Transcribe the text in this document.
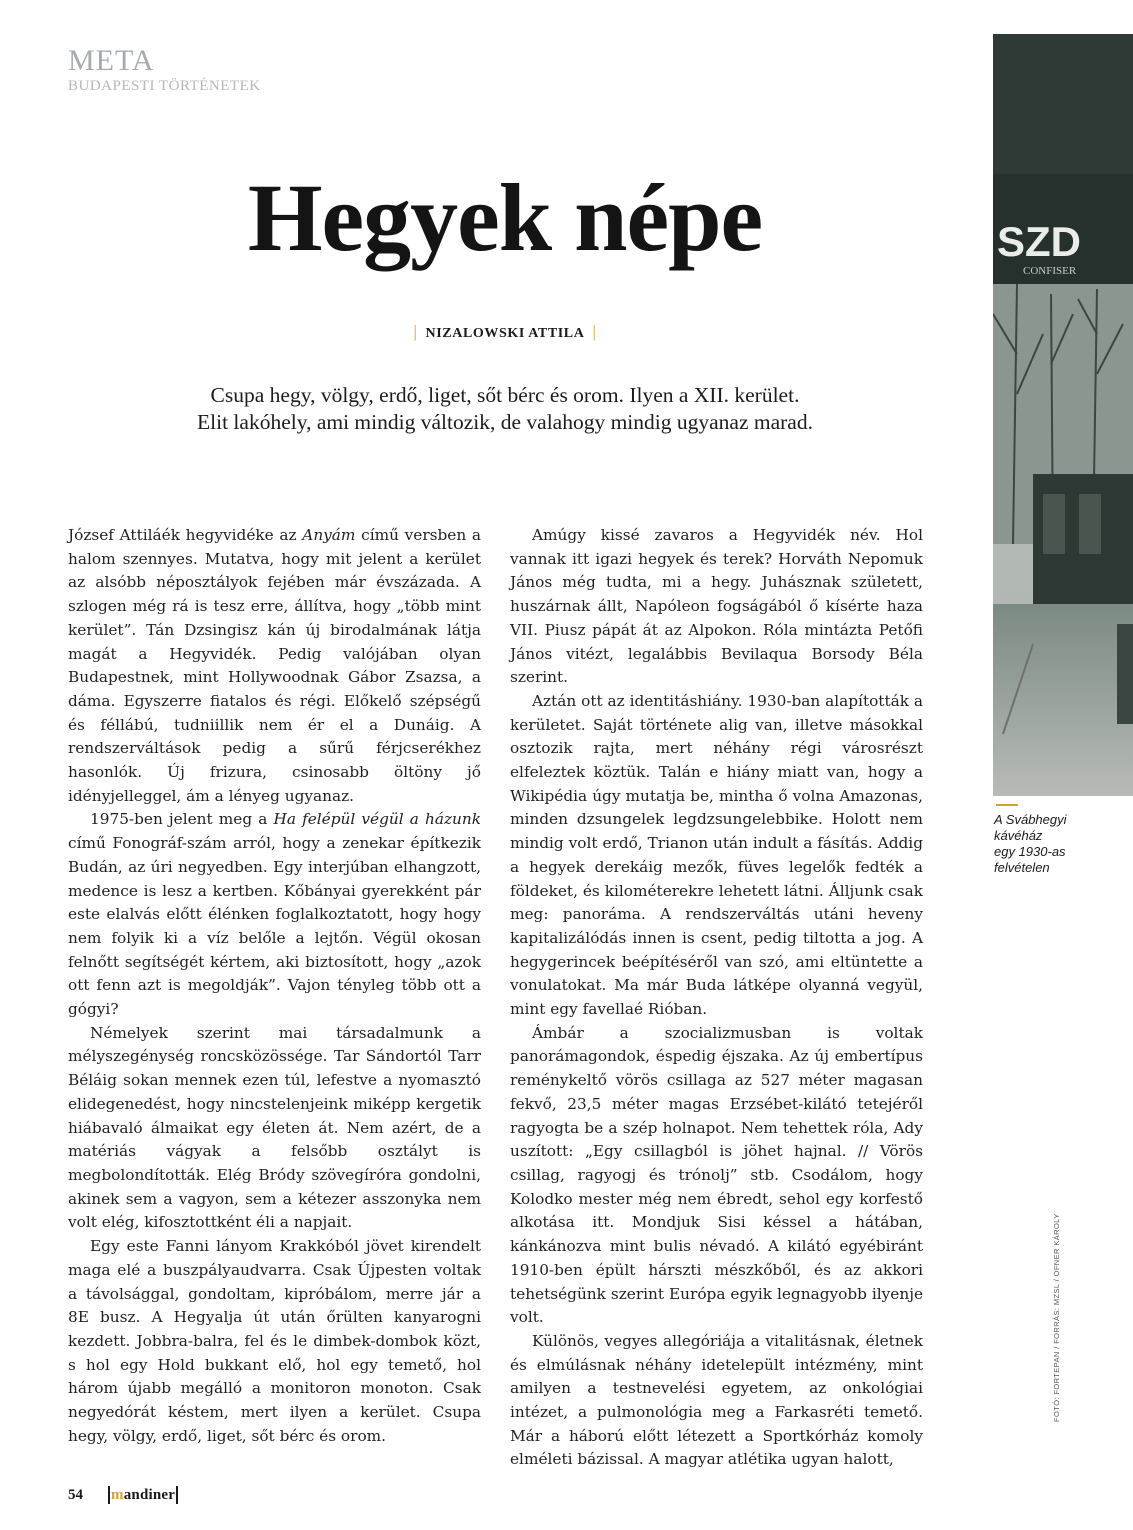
META
BUDAPESTI TÖRTÉNETEK
Hegyek népe
| NIZALOWSKI ATTILA |
Csupa hegy, völgy, erdő, liget, sőt bérc és orom. Ilyen a XII. kerület.
Elit lakóhely, ami mindig változik, de valahogy mindig ugyanaz marad.

József Attiláék hegyvidéke az Anyám című versben a halom szennyes. Mutatva, hogy mit jelent a kerület az alsóbb néposztályok fejében már évszázada. A szlogen még rá is tesz erre, állítva, hogy „több mint kerület”. Tán Dzsingisz kán új birodalmának látja magát a Hegyvidék. Pedig valójában olyan Budapestnek, mint Hollywoodnak Gábor Zsazsa, a dáma. Egyszerre fiatalos és régi. Előkelő szépségű és féllábú, tudniillik nem ér el a Dunáig. A rendszerváltások pedig a sűrű férjcserékhez hasonlók. Új frizura, csinosabb öltöny jő idényjelleggel, ám a lényeg ugyanaz.

1975-ben jelent meg a Ha felépül végül a házunk című Fonográf-szám arról, hogy a zenekar építkezik Budán, az úri negyedben. Egy interjúban elhangzott, medence is lesz a kertben. Kőbányai gyerekként pár este elalvás előtt élénken foglalkoztatott, hogy hogy nem folyik ki a víz belőle a lejtőn. Végül okosan felnőtt segítségét kértem, aki biztosított, hogy „azok ott fenn azt is megoldják”. Vajon tényleg több ott a gógyi?

Némelyek szerint mai társadalmunk a mélyszegénység roncsközössége. Tar Sándortól Tarr Béláig sokan mennek ezen túl, lefestve a nyomasztó elidegenedést, hogy nincstelenjeink miképp kergetik hiábavaló álmaikat egy életen át. Nem azért, de a matériás vágyak a felsőbb osztályt is megbolondították. Elég Bródy szövegíróra gondolni, akinek sem a vagyon, sem a kétezer asszonyka nem volt elég, kifosztottként éli a napjait.

Egy este Fanni lányom Krakkóból jövet kirendelt maga elé a buszpályaudvarra. Csak Újpesten voltak a távolsággal, gondoltam, kipróbálom, merre jár a 8E busz. A Hegyalja út után őrülten kanyarogni kezdett. Jobbra-balra, fel és le dimbek-dombok közt, s hol egy Hold bukkant elő, hol egy temető, hol három újabb megálló a monitoron monoton. Csak negyedórát késtem, mert ilyen a kerület. Csupa hegy, völgy, erdő, liget, sőt bérc és orom.

Amúgy kissé zavaros a Hegyvidék név. Hol vannak itt igazi hegyek és terek? Horváth Nepomuk János még tudta, mi a hegy. Juhásznak született, huszárnak állt, Napóleon fogságából ő kísérte haza VII. Piusz pápát át az Alpokon. Róla mintázta Petőfi János vitézt, legalábbis Bevilaqua Borsody Béla szerint.

Aztán ott az identitáshiány. 1930-ban alapították a kerületet. Saját története alig van, illetve másokkal osztozik rajta, mert néhány régi városrészt elfeleztek köztük. Talán e hiány miatt van, hogy a Wikipédia úgy mutatja be, mintha ő volna Amazonas, minden dzsungelek legdzsungelebbike. Holott nem mindig volt erdő, Trianon után indult a fásítás. Addig a hegyek derekáig mezők, füves legelők fedték a földeket, és kilométerekre lehetett látni. Álljunk csak meg: panoráma. A rendszerváltás utáni heveny kapitalizálódás innen is csent, pedig tiltotta a jog. A hegygerincek beépítéséről van szó, ami eltüntette a vonulatokat. Ma már Buda látképe olyanná vegyül, mint egy favellaé Rióban.

Ámbár a szocializmusban is voltak panorámagondok, éspedig éjszaka. Az új embertípus reménykeltő vörös csillaga az 527 méter magasan fekvő, 23,5 méter magas Erzsébet-kilátó tetejéről ragyogta be a szép holnapot. Nem tehettek róla, Ady uszított: „Egy csillagból is jöhet hajnal. // Vörös csillag, ragyogj és trónolj” stb. Csodálom, hogy Kolodko mester még nem ébredt, sehol egy korfestő alkotása itt. Mondjuk Sisi késsel a hátában, kánkánozva mint bulis névadó. A kilátó egyébiránt 1910-ben épült hárszti mészkőből, és az akkori tehetségünk szerint Európa egyik legnagyobb ilyenje volt.

Különös, vegyes allegóriája a vitalitásnak, életnek és elmúlásnak néhány idetelepült intézmény, mint amilyen a testnevelési egyetem, az onkológiai intézet, a pulmonológia meg a Farkasréti temető. Már a háború előtt létezett a Sportkórház komoly elméleti bázissal. A magyar atlétika ugyan halott,

SZD
CONFISER
A Svábhegyi
kávéház
egy 1930-as
felvételen
FOTÓ: FORTEPAN / FORRÁS: MZSL / OFNER KÁROLY
54 m andiner
